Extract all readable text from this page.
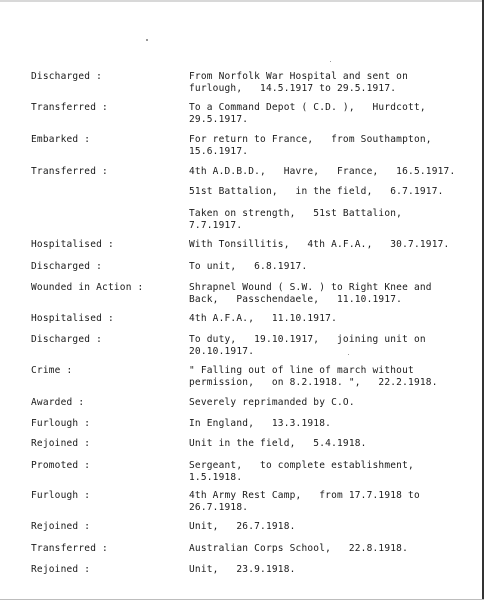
Discharged :	From Norfolk War Hospital and sent on
furlough,   14.5.1917 to 29.5.1917.
Transferred :	To a Command Depot ( C.D. ),   Hurdcott,
29.5.1917.
Embarked :	For return to France,   from Southampton,
15.6.1917.
Transferred :	4th A.D.B.D.,   Havre,   France,   16.5.1917.
51st Battalion,   in the field,   6.7.1917.
Taken on strength,   51st Battalion,
7.7.1917.
Hospitalised :	With Tonsillitis,   4th A.F.A.,   30.7.1917.
Discharged :	To unit,   6.8.1917.
Wounded in Action :	Shrapnel Wound ( S.W. ) to Right Knee and
Back,   Passchendaele,   11.10.1917.
Hospitalised :	4th A.F.A.,   11.10.1917.
Discharged :	To duty,   19.10.1917,   joining unit on
20.10.1917.
Crime :	" Falling out of line of march without
permission,   on 8.2.1918. ",   22.2.1918.
Awarded :	Severely reprimanded by C.O.
Furlough :	In England,   13.3.1918.
Rejoined :	Unit in the field,   5.4.1918.
Promoted :	Sergeant,   to complete establishment,
1.5.1918.
Furlough :	4th Army Rest Camp,   from 17.7.1918 to
26.7.1918.
Rejoined :	Unit,   26.7.1918.
Transferred :	Australian Corps School,   22.8.1918.
Rejoined :	Unit,   23.9.1918.
